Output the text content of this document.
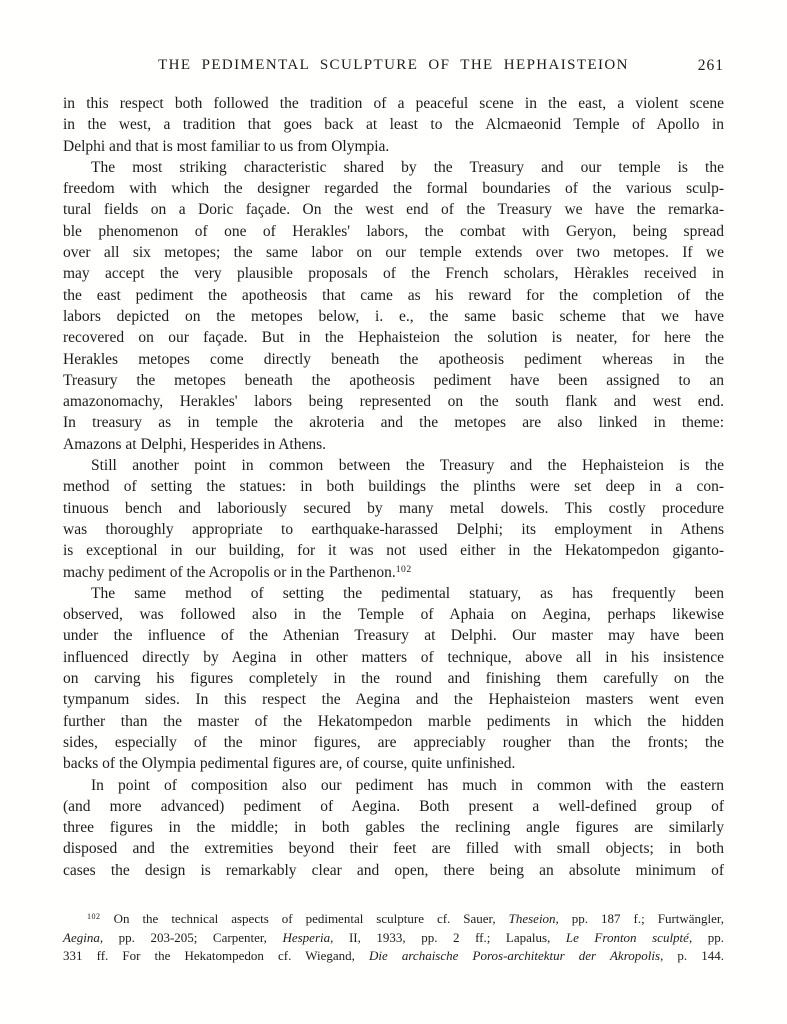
THE PEDIMENTAL SCULPTURE OF THE HEPHAISTEION	261
in this respect both followed the tradition of a peaceful scene in the east, a violent scene
in the west, a tradition that goes back at least to the Alcmaeonid Temple of Apollo in
Delphi and that is most familiar to us from Olympia.
The most striking characteristic shared by the Treasury and our temple is the
freedom with which the designer regarded the formal boundaries of the various sculp-
tural fields on a Doric façade. On the west end of the Treasury we have the remarka-
ble phenomenon of one of Herakles' labors, the combat with Geryon, being spread
over all six metopes; the same labor on our temple extends over two metopes. If we
may accept the very plausible proposals of the French scholars, Hèrakles received in
the east pediment the apotheosis that came as his reward for the completion of the
labors depicted on the metopes below, i. e., the same basic scheme that we have
recovered on our façade. But in the Hephaisteion the solution is neater, for here the
Herakles metopes come directly beneath the apotheosis pediment whereas in the
Treasury the metopes beneath the apotheosis pediment have been assigned to an
amazonomachy, Herakles' labors being represented on the south flank and west end.
In treasury as in temple the akroteria and the metopes are also linked in theme:
Amazons at Delphi, Hesperides in Athens.
Still another point in common between the Treasury and the Hephaisteion is the
method of setting the statues: in both buildings the plinths were set deep in a con-
tinuous bench and laboriously secured by many metal dowels. This costly procedure
was thoroughly appropriate to earthquake-harassed Delphi; its employment in Athens
is exceptional in our building, for it was not used either in the Hekatompedon giganto-
machy pediment of the Acropolis or in the Parthenon.$^{102}$
The same method of setting the pedimental statuary, as has frequently been
observed, was followed also in the Temple of Aphaia on Aegina, perhaps likewise
under the influence of the Athenian Treasury at Delphi. Our master may have been
influenced directly by Aegina in other matters of technique, above all in his insistence
on carving his figures completely in the round and finishing them carefully on the
tympanum sides. In this respect the Aegina and the Hephaisteion masters went even
further than the master of the Hekatompedon marble pediments in which the hidden
sides, especially of the minor figures, are appreciably rougher than the fronts; the
backs of the Olympia pedimental figures are, of course, quite unfinished.
In point of composition also our pediment has much in common with the eastern
(and more advanced) pediment of Aegina. Both present a well-defined group of
three figures in the middle; in both gables the reclining angle figures are similarly
disposed and the extremities beyond their feet are filled with small objects; in both
cases the design is remarkably clear and open, there being an absolute minimum of
$^{102}$ On the technical aspects of pedimental sculpture cf. Sauer, Theseion, pp. 187 f.; Furtwängler,
Aegina, pp. 203-205; Carpenter, Hesperia, II, 1933, pp. 2 ff.; Lapalus, Le Fronton sculpté, pp.
331 ff. For the Hekatompedon cf. Wiegand, Die archaische Poros-architektur der Akropolis, p. 144.
